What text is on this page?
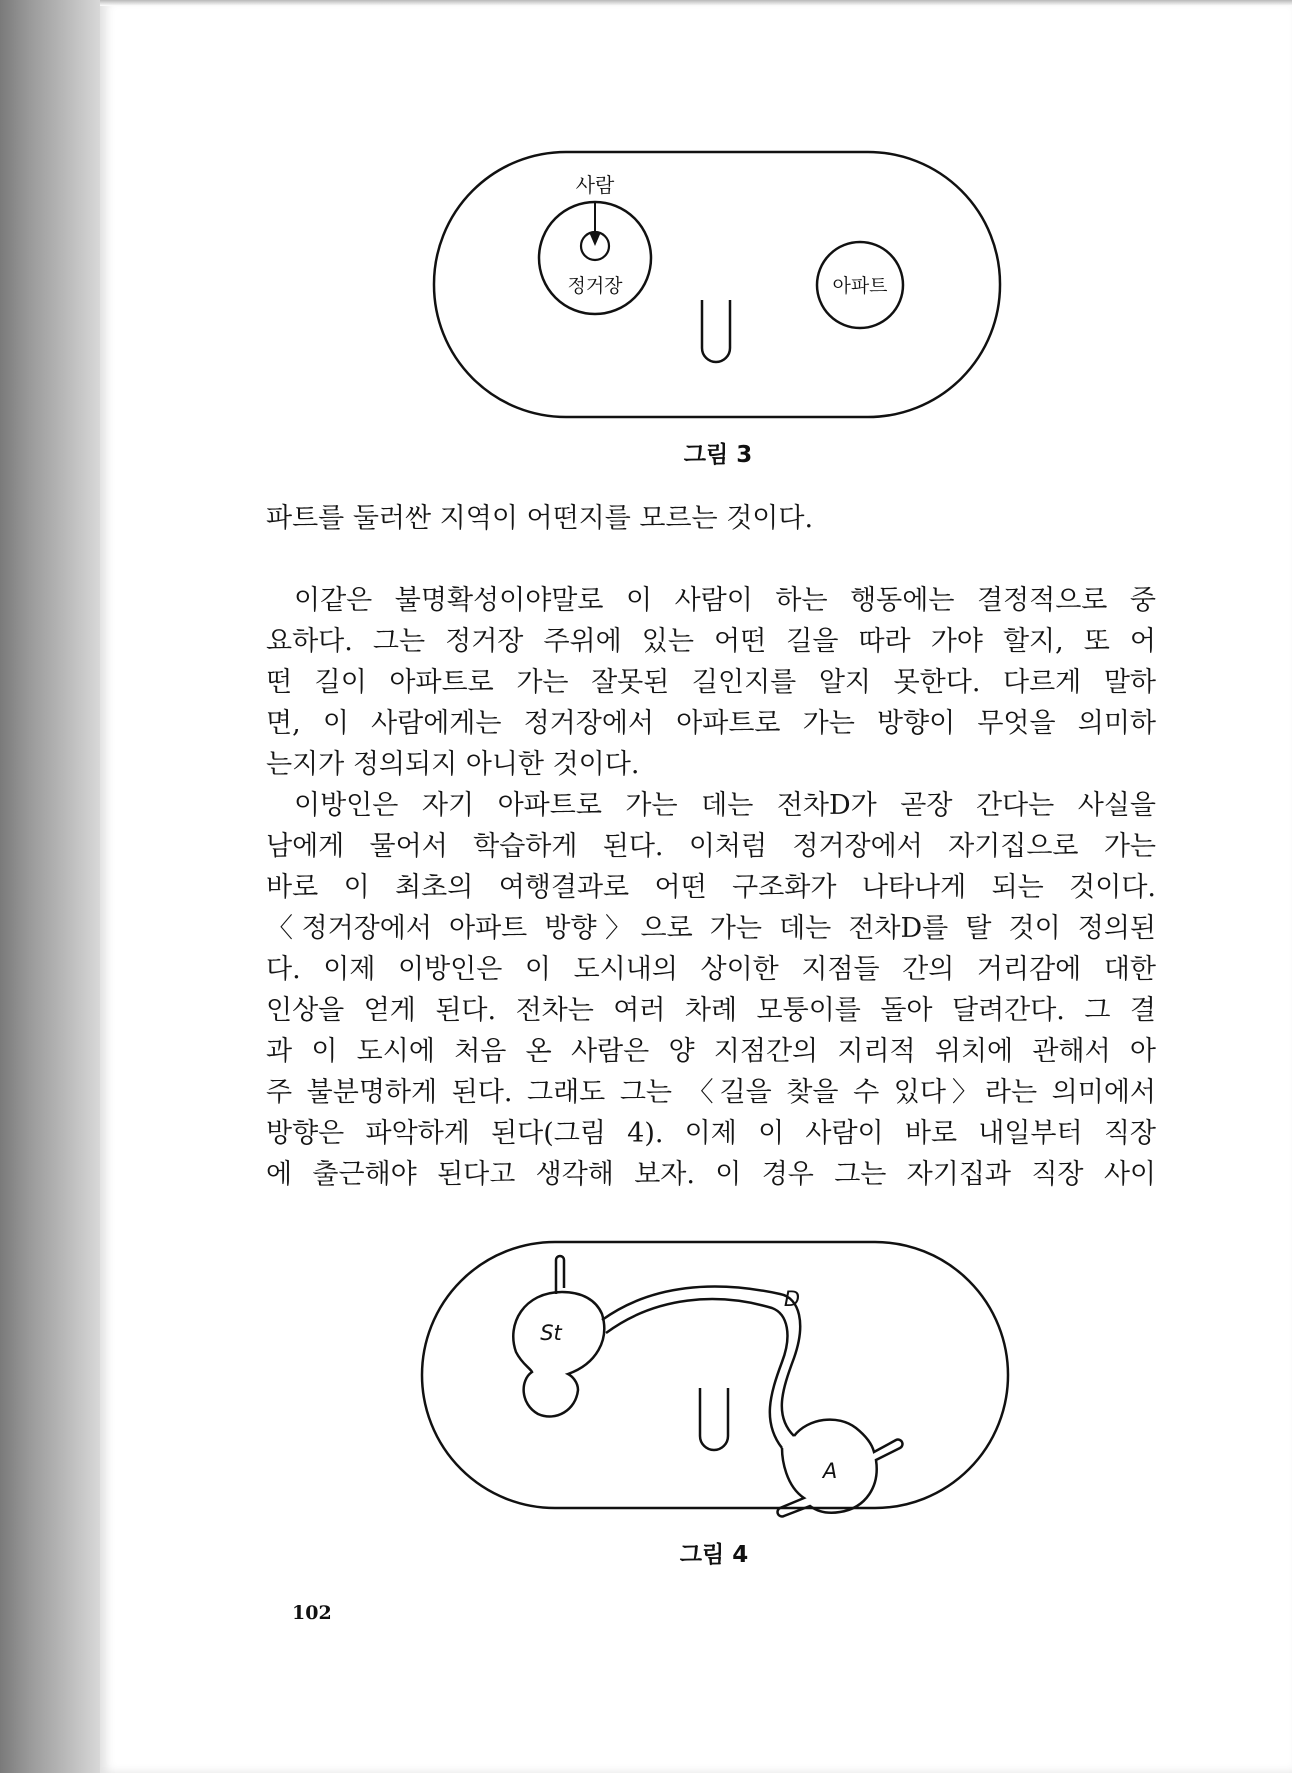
사람
정거장	아파트
그림 3
파트를 둘러싼 지역이 어떤지를 모르는 것이다.
이같은 불명확성이야말로 이 사람이 하는 행동에는 결정적으로 중
요하다. 그는 정거장 주위에 있는 어떤 길을 따라 가야 할지, 또 어
떤 길이 아파트로 가는 잘못된 길인지를 알지 못한다. 다르게 말하
면, 이 사람에게는 정거장에서 아파트로 가는 방향이 무엇을 의미하
는지가 정의되지 아니한 것이다.
이방인은 자기 아파트로 가는 데는 전차D가 곧장 간다는 사실을
남에게 물어서 학습하게 된다. 이처럼 정거장에서 자기집으로 가는
바로 이 최초의 여행결과로 어떤 구조화가 나타나게 되는 것이다.
〈정거장에서 아파트 방향〉으로 가는 데는 전차D를 탈 것이 정의된
다. 이제 이방인은 이 도시내의 상이한 지점들 간의 거리감에 대한
인상을 얻게 된다. 전차는 여러 차례 모퉁이를 돌아 달려간다. 그 결
과 이 도시에 처음 온 사람은 양 지점간의 지리적 위치에 관해서 아
주 불분명하게 된다. 그래도 그는 〈길을 찾을 수 있다〉라는 의미에서
방향은 파악하게 된다(그림 4). 이제 이 사람이 바로 내일부터 직장
에 출근해야 된다고 생각해 보자. 이 경우 그는 자기집과 직장 사이
St
D
A
그림 4
102
